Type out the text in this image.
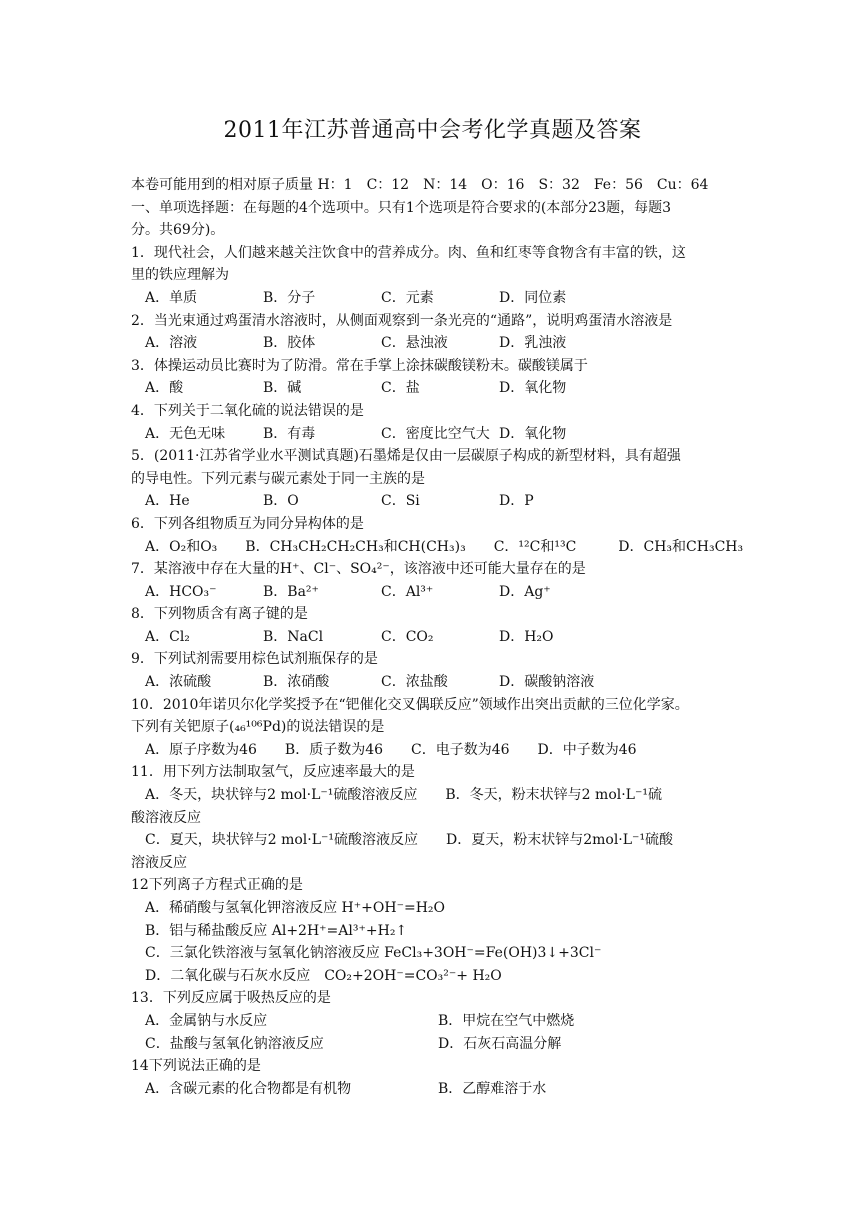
2011年江苏普通高中会考化学真题及答案
本卷可能用到的相对原子质量 H：1　C：12　N：14　O：16　S：32　Fe：56　Cu：64
一、单项选择题：在每题的4个选项中。只有1个选项是符合要求的(本部分23题，每题3
分。共69分)。
1．现代社会，人们越来越关注饮食中的营养成分。肉、鱼和红枣等食物含有丰富的铁，这
里的铁应理解为
A．单质	B．分子	C．元素	D．同位素
2．当光束通过鸡蛋清水溶液时，从侧面观察到一条光亮的“通路”，说明鸡蛋清水溶液是
A．溶液	B．胶体	C．悬浊液	D．乳浊液
3．体操运动员比赛时为了防滑。常在手掌上涂抹碳酸镁粉末。碳酸镁属于
A．酸	B．碱	C．盐	D．氧化物
4．下列关于二氧化硫的说法错误的是
A．无色无味	B．有毒	C．密度比空气大 D．氧化物
5．(2011·江苏省学业水平测试真题)石墨烯是仅由一层碳原子构成的新型材料，具有超强
的导电性。下列元素与碳元素处于同一主族的是
A．He	B．O	C．Si	D．P
6．下列各组物质互为同分异构体的是
A．O₂和O₃　　B．CH₃CH₂CH₂CH₃和CH(CH₃)₃　　C．¹²C和¹³C　　　D．CH₃和CH₃CH₃
7．某溶液中存在大量的H⁺、Cl⁻、SO₄²⁻，该溶液中还可能大量存在的是
A．HCO₃⁻	B．Ba²⁺	C．Al³⁺	D．Ag⁺
8．下列物质含有离子键的是
A．Cl₂	B．NaCl	C．CO₂	D．H₂O
9．下列试剂需要用棕色试剂瓶保存的是
A．浓硫酸	B．浓硝酸	C．浓盐酸	D．碳酸钠溶液
10．2010年诺贝尔化学奖授予在“钯催化交叉偶联反应”领域作出突出贡献的三位化学家。
下列有关钯原子(₄₆¹⁰⁶Pd)的说法错误的是
A．原子序数为46　　B．质子数为46　　C．电子数为46　　D．中子数为46
11．用下列方法制取氢气，反应速率最大的是
A．冬天，块状锌与2 mol·L⁻¹硫酸溶液反应　　B．冬天，粉末状锌与2 mol·L⁻¹硫
酸溶液反应
C．夏天，块状锌与2 mol·L⁻¹硫酸溶液反应　　D．夏天，粉末状锌与2mol·L⁻¹硫酸
溶液反应
12下列离子方程式正确的是
A．稀硝酸与氢氧化钾溶液反应 H⁺+OH⁻=H₂O
B．铝与稀盐酸反应 Al+2H⁺=Al³⁺+H₂↑
C．三氯化铁溶液与氢氧化钠溶液反应 FeCl₃+3OH⁻=Fe(OH)3↓+3Cl⁻
D．二氧化碳与石灰水反应　CO₂+2OH⁻=CO₃²⁻+ H₂O
13．下列反应属于吸热反应的是
A．金属钠与水反应	B．甲烷在空气中燃烧
C．盐酸与氢氧化钠溶液反应	D．石灰石高温分解
14下列说法正确的是
A．含碳元素的化合物都是有机物	B．乙醇难溶于水
